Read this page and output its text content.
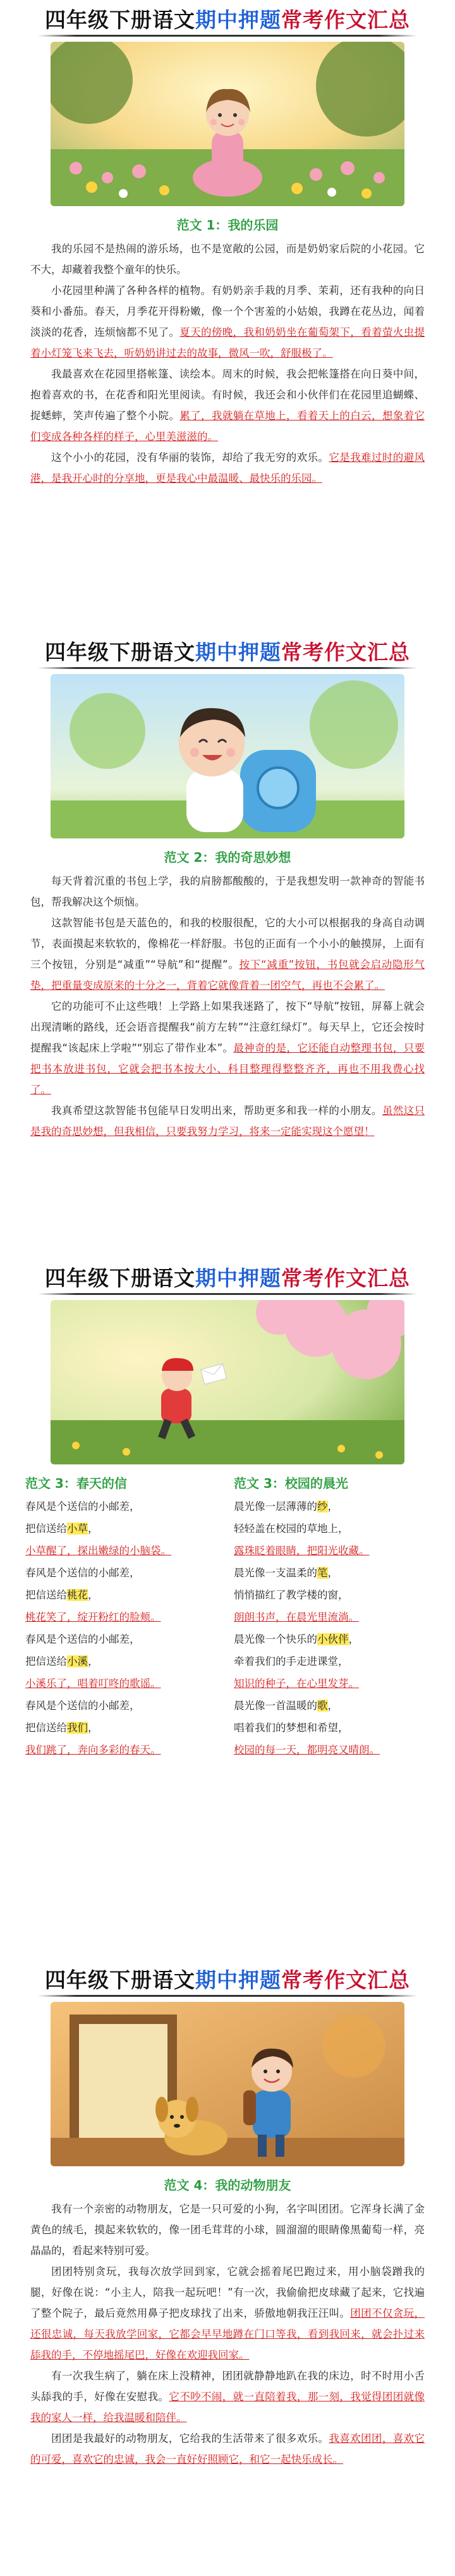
四年级下册语文 期中押题 常考作文汇总
范文 1：我的乐园

我的乐园不是热闹的游乐场，也不是宽敞的公园，而是奶奶家后院的小花园。它不大，却藏着我整个童年的快乐。

小花园里种满了各种各样的植物。有奶奶亲手栽的月季、茉莉，还有我种的向日葵和小番茄。春天，月季花开得粉嫩，像一个个害羞的小姑娘，我蹲在花丛边，闻着淡淡的花香，连烦恼都不见了。夏天的傍晚，我和奶奶坐在葡萄架下，看着萤火虫提着小灯笼飞来飞去，听奶奶讲过去的故事，微风一吹，舒服极了。

我最喜欢在花园里搭帐篷、读绘本。周末的时候，我会把帐篷搭在向日葵中间，抱着喜欢的书，在花香和阳光里阅读。有时候，我还会和小伙伴们在花园里追蝴蝶、捉蟋蟀，笑声传遍了整个小院。累了，我就躺在草地上，看着天上的白云，想象着它们变成各种各样的样子，心里美滋滋的。

这个小小的花园，没有华丽的装饰，却给了我无穷的欢乐。它是我难过时的避风港，是我开心时的分享地，更是我心中最温暖、最快乐的乐园。

四年级下册语文 期中押题 常考作文汇总
范文 2：我的奇思妙想

每天背着沉重的书包上学，我的肩膀都酸酸的，于是我想发明一款神奇的智能书包，帮我解决这个烦恼。

这款智能书包是天蓝色的，和我的校服很配，它的大小可以根据我的身高自动调节，表面摸起来软软的，像棉花一样舒服。书包的正面有一个小小的触摸屏，上面有三个按钮，分别是“减重”“导航”和“提醒”。按下“减重”按钮，书包就会启动隐形气垫，把重量变成原来的十分之一，背着它就像背着一团空气，再也不会累了。

它的功能可不止这些哦！上学路上如果我迷路了，按下“导航”按钮，屏幕上就会出现清晰的路线，还会语音提醒我“前方左转”“注意红绿灯”。每天早上，它还会按时提醒我“该起床上学啦”“别忘了带作业本”。最神奇的是，它还能自动整理书包，只要把书本放进书包，它就会把书本按大小、科目整理得整整齐齐，再也不用我费心找了。

我真希望这款智能书包能早日发明出来，帮助更多和我一样的小朋友。虽然这只是我的奇思妙想，但我相信，只要我努力学习，将来一定能实现这个愿望！

四年级下册语文 期中押题 常考作文汇总
范文 3：春天的信

春风是个送信的小邮差，

把信送给小草，

小草醒了，探出嫩绿的小脑袋。

春风是个送信的小邮差，

把信送给桃花，

桃花笑了，绽开粉红的脸颊。

春风是个送信的小邮差，

把信送给小溪，

小溪乐了，唱着叮咚的歌谣。

春风是个送信的小邮差，

把信送给我们，

我们跳了，奔向多彩的春天。

范文 3：校园的晨光

晨光像一层薄薄的纱，

轻轻盖在校园的草地上，

露珠眨着眼睛，把阳光收藏。

晨光像一支温柔的笔，

悄悄描红了教学楼的窗，

朗朗书声，在晨光里流淌。

晨光像一个快乐的小伙伴，

牵着我们的手走进课堂，

知识的种子，在心里发芽。

晨光像一首温暖的歌，

唱着我们的梦想和希望，

校园的每一天，都明亮又晴朗。

四年级下册语文 期中押题 常考作文汇总
范文 4：我的动物朋友

我有一个亲密的动物朋友，它是一只可爱的小狗，名字叫团团。它浑身长满了金黄色的绒毛，摸起来软软的，像一团毛茸茸的小球，圆溜溜的眼睛像黑葡萄一样，亮晶晶的，看起来特别可爱。

团团特别贪玩，我每次放学回到家，它就会摇着尾巴跑过来，用小脑袋蹭我的腿，好像在说：“小主人，陪我一起玩吧！”有一次，我偷偷把皮球藏了起来，它找遍了整个院子，最后竟然用鼻子把皮球找了出来，骄傲地朝我汪汪叫。团团不仅贪玩，还很忠诚，每天我放学回家，它都会早早地蹲在门口等我，看到我回来，就会扑过来舔我的手，不停地摇尾巴，好像在欢迎我回家。

有一次我生病了，躺在床上没精神，团团就静静地趴在我的床边，时不时用小舌头舔我的手，好像在安慰我。它不吵不闹，就一直陪着我，那一刻，我觉得团团就像我的家人一样，给我温暖和陪伴。

团团是我最好的动物朋友，它给我的生活带来了很多欢乐。我喜欢团团，喜欢它的可爱，喜欢它的忠诚，我会一直好好照顾它，和它一起快乐成长。
